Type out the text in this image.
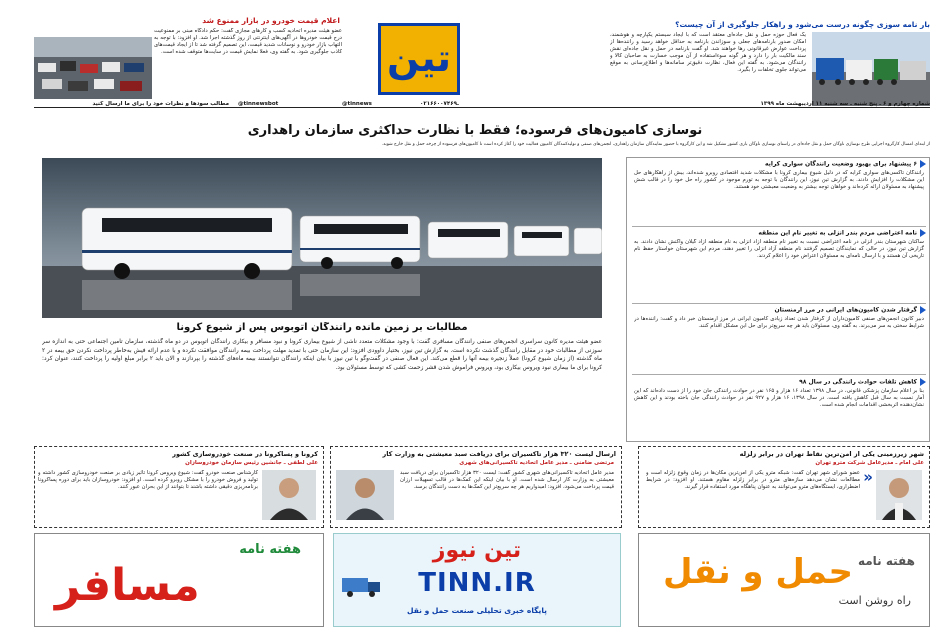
بار نامه سوزی چگونه درست می‌شود و راهکار جلوگیری از آن چیست؟
یک فعال حوزه حمل و نقل جاده‌ای معتقد است که با ایجاد سیستم یکپارچه و هوشمند، امکان صدور بارنامه‌های جعلی و سوزاندن بارنامه به حداقل خواهد رسید و راننده‌ها از پرداخت عوارض غیرقانونی رها خواهند شد. او گفت بارنامه در حمل و نقل جاده‌ای نقش سند مالکیت بار را دارد و هر گونه سوء‌استفاده از آن موجب خسارت به صاحبان کالا و رانندگان می‌شود. به گفته این فعال، نظارت دقیق‌تر سامانه‌ها و اطلاع‌رسانی به موقع می‌تواند جلوی تخلفات را بگیرد.
تین
اعلام قیمت خودرو در بازار ممنوع شد
عضو هیئت مدیره اتحادیه کسب و کارهای مجازی گفت: حکم دادگاه مبنی بر ممنوعیت درج قیمت خودروها در آگهی‌های اینترنتی از روز گذشته اجرا شد. او افزود: با توجه به التهاب بازار خودرو و نوسانات شدید قیمت، این تصمیم گرفته شد تا از ایجاد قیمت‌های کاذب جلوگیری شود. به گفته وی، فعلا نمایش قیمت در سایت‌ها متوقف شده است.
شماره چهارم و ۶ ـ پنج شنبه ـ سه شنبه ۱۱ اردیبهشت ماه ۱۳۹۹
۰۲۱ـ۶۶۰۰۷۴۶۹
@tinnews
@tinnewsbot
مطالب سودها و نظرات خود را برای ما ارسال کنید
نوسازی کامیون‌های فرسوده؛ فقط با نظارت حداکثری سازمان راهداری
از ابتدای امسال کارگروه اجرایی طرح نوسازی ناوگان حمل و نقل جاده‌ای در راستای نوسازی ناوگان باری کشور تشکیل شد و این کارگروه با حضور نمایندگان سازمان راهداری، انجمن‌های صنفی و تولیدکنندگان کامیون فعالیت خود را آغاز کرده است تا کامیون‌های فرسوده از چرخه حمل و نقل خارج شوند.
مطالبات بر زمین مانده رانندگان اتوبوس پس از شیوع کرونا
عضو هیئت مدیره کانون سراسری انجمن‌های صنفی رانندگان مسافری گفت: با وجود مشکلات متعدد ناشی از شیوع بیماری کرونا و نبود مسافر و بیکاری رانندگان اتوبوس در دو ماه گذشته، سازمان تامین اجتماعی حتی به اندازه سر سوزنی از مطالبات خود در مقابل رانندگان گذشت نکرده است. به گزارش تین نیوز، بختیار داوودی افزود: این سازمان حتی با تمدید مهلت پرداخت بیمه رانندگان موافقت نکرده و با عدم ارائه فیش به‌خاطر پرداخت نکردن حق بیمه در ۲ ماه گذشته (از زمان شیوع کرونا) عملاً زنجیره بیمه آنها را قطع می‌کند. این فعال صنفی در گفت‌وگو با تین نیوز با بیان اینکه رانندگان نتوانستند بیمه ماه‌های گذشته را بپردازند و الان باید ۲ برابر مبلغ اولیه را پرداخت کنند، عنوان کرد: کرونا برای ما بیماری نبود ویروس بیکاری بود، ویروس فراموش شدن قشر زحمت کشی که توسط مسئولان بود.
۶ پیشنهاد برای بهبود وضعیت رانندگان سواری کرایه
رانندگان تاکسی‌های سواری کرایه که در دلیل شیوع بیماری کرونا با مشکلات شدید اقتصادی روبرو شده‌اند، بیش از راهکارهای حل این مشکلات را افزایش دادند. به گزارش تین نیوز، این رانندگان با توجه به تورم موجود در کشور راه حل خود را در قالب شش پیشنهاد به مسئولان ارائه کرده‌اند و خواهان توجه بیشتر به وضعیت معیشتی خود هستند.
نامه اعتراضی مردم بندر انزلی به تغییر نام این منطقه
ساکنان شهرستان بندر انزلی در نامه اعتراضی نسبت به تغییر نام منطقه آزاد انزلی به نام منطقه آزاد گیلان واکنش نشان دادند. به گزارش تین نیوز، در حالی که نمایندگان تصمیم گرفتند نام منطقه آزاد انزلی را تغییر دهند، مردم این شهرستان خواستار حفظ نام تاریخی آن هستند و با ارسال نامه‌ای به مسئولان اعتراض خود را اعلام کردند.
گرفتار شدن کامیون‌های ایرانی در مرز ارمنستان
دبیر کانون انجمن‌های صنفی کامیون‌داران از گرفتار شدن تعداد زیادی کامیون ایرانی در مرز ارمنستان خبر داد و گفت: راننده‌ها در شرایط سختی به سر می‌برند. به گفته وی، مسئولان باید هر چه سریع‌تر برای حل این مشکل اقدام کنند.
کاهش تلفات حوادث رانندگی در سال ۹۸
بنا بر اعلام سازمان پزشکی قانونی، در سال ۱۳۹۸ تعداد ۱۶ هزار و ۱۶۵ نفر در حوادث رانندگی جان خود را از دست داده‌اند که این آمار نسبت به سال قبل کاهش یافته است. در سال ۱۳۹۸، ۱۶ هزار و ۹۲۷ نفر در حوادث رانندگی جان باخته بودند و این کاهش نشان‌دهنده اثربخشی اقدامات انجام شده است.
شهر زیر‌زمینی یکی از امن‌ترین نقاط تهران در برابر زلزله
علی امام ـ مدیرعامل شرکت مترو تهران
«
عضو شورای شهر تهران گفت: شبکه مترو یکی از امن‌ترین مکان‌ها در زمان وقوع زلزله است و مطالعات نشان می‌دهد سازه‌های مترو در برابر زلزله مقاوم هستند. او افزود: در شرایط اضطراری، ایستگاه‌های مترو می‌توانند به عنوان پناهگاه مورد استفاده قرار گیرند.
ارسال لیست ۳۲۰ هزار تاکسیران برای دریافت سبد معیشتی به وزارت کار
مرتضی ضامنی ـ مدیر عامل اتحادیه تاکسیرانی‌های شهری
مدیر عامل اتحادیه تاکسیرانی‌های شهری کشور گفت: لیست ۳۲۰ هزار تاکسیران برای دریافت سبد معیشتی به وزارت کار ارسال شده است. او با بیان اینکه این کمک‌ها در قالب تسهیلات ارزان قیمت پرداخت می‌شود، افزود: امیدواریم هر چه سریع‌تر این کمک‌ها به دست رانندگان برسد.
کرونا و پسا‌کرونا در صنعت خودروسازی کشور
علی لطفی ـ جانشین رئیس سازمان خودروسازان
کارشناس صنعت خودرو گفت: شیوع ویروس کرونا تاثیر زیادی بر صنعت خودروسازی کشور داشته و تولید و فروش خودرو را با مشکل روبرو کرده است. او افزود: خودروسازان باید برای دوره پساکرونا برنامه‌ریزی دقیقی داشته باشند تا بتوانند از این بحران عبور کنند.
هفته نامه
حمل و نقل
راه روشن است
تین نیوز
TINN.IR
پایگاه خبری تحلیلی صنعت حمل و نقل
هفته نامه
مسافر
